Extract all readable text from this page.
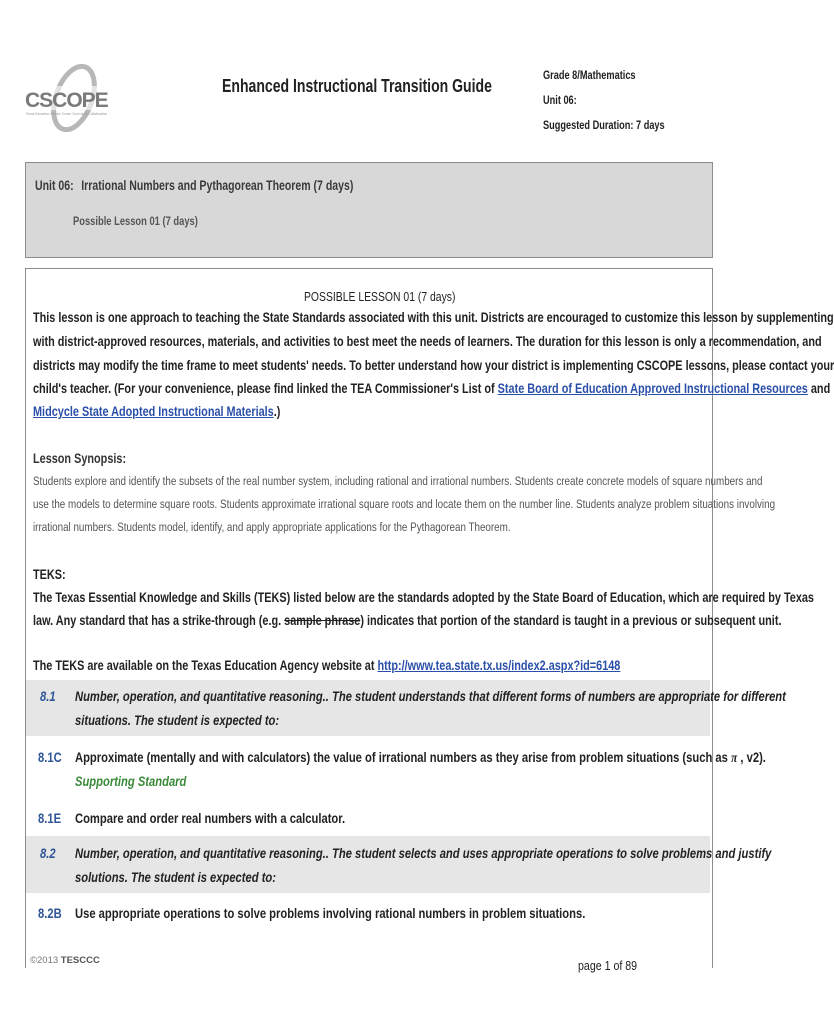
CSCOPE
Texas Education Service Center Curriculum Collaborative
Enhanced Instructional Transition Guide	Grade 8/Mathematics
Unit 06:
Suggested Duration: 7 days
Unit 06: Irrational Numbers and Pythagorean Theorem (7 days)
Possible Lesson 01 (7 days)
POSSIBLE LESSON 01 (7 days)
This lesson is one approach to teaching the State Standards associated with this unit. Districts are encouraged to customize this lesson by supplementing
with district-approved resources, materials, and activities to best meet the needs of learners. The duration for this lesson is only a recommendation, and
districts may modify the time frame to meet students' needs. To better understand how your district is implementing CSCOPE lessons, please contact your
child's teacher. (For your convenience, please find linked the TEA Commissioner's List of State Board of Education Approved Instructional Resources and
Midcycle State Adopted Instructional Materials.)
Lesson Synopsis:
Students explore and identify the subsets of the real number system, including rational and irrational numbers. Students create concrete models of square numbers and
use the models to determine square roots. Students approximate irrational square roots and locate them on the number line. Students analyze problem situations involving
irrational numbers. Students model, identify, and apply appropriate applications for the Pythagorean Theorem.
TEKS:
The Texas Essential Knowledge and Skills (TEKS) listed below are the standards adopted by the State Board of Education, which are required by Texas
law. Any standard that has a strike-through (e.g. sample phrase) indicates that portion of the standard is taught in a previous or subsequent unit.
The TEKS are available on the Texas Education Agency website at http://www.tea.state.tx.us/index2.aspx?id=6148
8.1 Number, operation, and quantitative reasoning.. The student understands that different forms of numbers are appropriate for different
situations. The student is expected to:
8.1C Approximate (mentally and with calculators) the value of irrational numbers as they arise from problem situations (such as π , v2).
Supporting Standard
8.1E Compare and order real numbers with a calculator.
8.2 Number, operation, and quantitative reasoning.. The student selects and uses appropriate operations to solve problems and justify
solutions. The student is expected to:
8.2B Use appropriate operations to solve problems involving rational numbers in problem situations.
©2013 TESCCC	page 1 of 89
